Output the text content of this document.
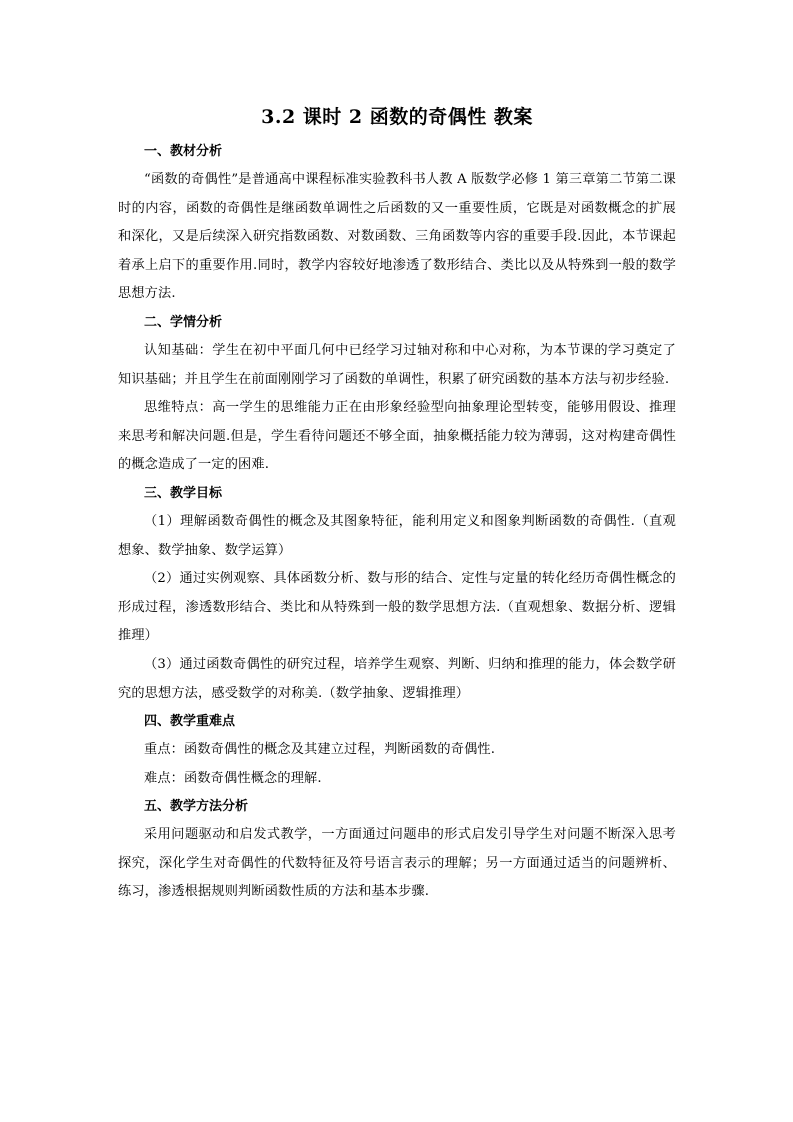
3.2 课时 2 函数的奇偶性 教案

一、教材分析

“函数的奇偶性”是普通高中课程标准实验教科书人教 A 版数学必修 1 第三章第二节第二课时的内容，函数的奇偶性是继函数单调性之后函数的又一重要性质，它既是对函数概念的扩展和深化，又是后续深入研究指数函数、对数函数、三角函数等内容的重要手段.因此，本节课起着承上启下的重要作用.同时，教学内容较好地渗透了数形结合、类比以及从特殊到一般的数学思想方法.

二、学情分析

认知基础：学生在初中平面几何中已经学习过轴对称和中心对称，为本节课的学习奠定了知识基础；并且学生在前面刚刚学习了函数的单调性，积累了研究函数的基本方法与初步经验.

思维特点：高一学生的思维能力正在由形象经验型向抽象理论型转变，能够用假设、推理来思考和解决问题.但是，学生看待问题还不够全面，抽象概括能力较为薄弱，这对构建奇偶性的概念造成了一定的困难.

三、教学目标

（1）理解函数奇偶性的概念及其图象特征，能利用定义和图象判断函数的奇偶性.（直观想象、数学抽象、数学运算）

（2）通过实例观察、具体函数分析、数与形的结合、定性与定量的转化经历奇偶性概念的形成过程，渗透数形结合、类比和从特殊到一般的数学思想方法.（直观想象、数据分析、逻辑推理）

（3）通过函数奇偶性的研究过程，培养学生观察、判断、归纳和推理的能力，体会数学研究的思想方法，感受数学的对称美.（数学抽象、逻辑推理）

四、教学重难点

重点：函数奇偶性的概念及其建立过程，判断函数的奇偶性.

难点：函数奇偶性概念的理解.

五、教学方法分析

采用问题驱动和启发式教学，一方面通过问题串的形式启发引导学生对问题不断深入思考探究，深化学生对奇偶性的代数特征及符号语言表示的理解；另一方面通过适当的问题辨析、练习，渗透根据规则判断函数性质的方法和基本步骤.
